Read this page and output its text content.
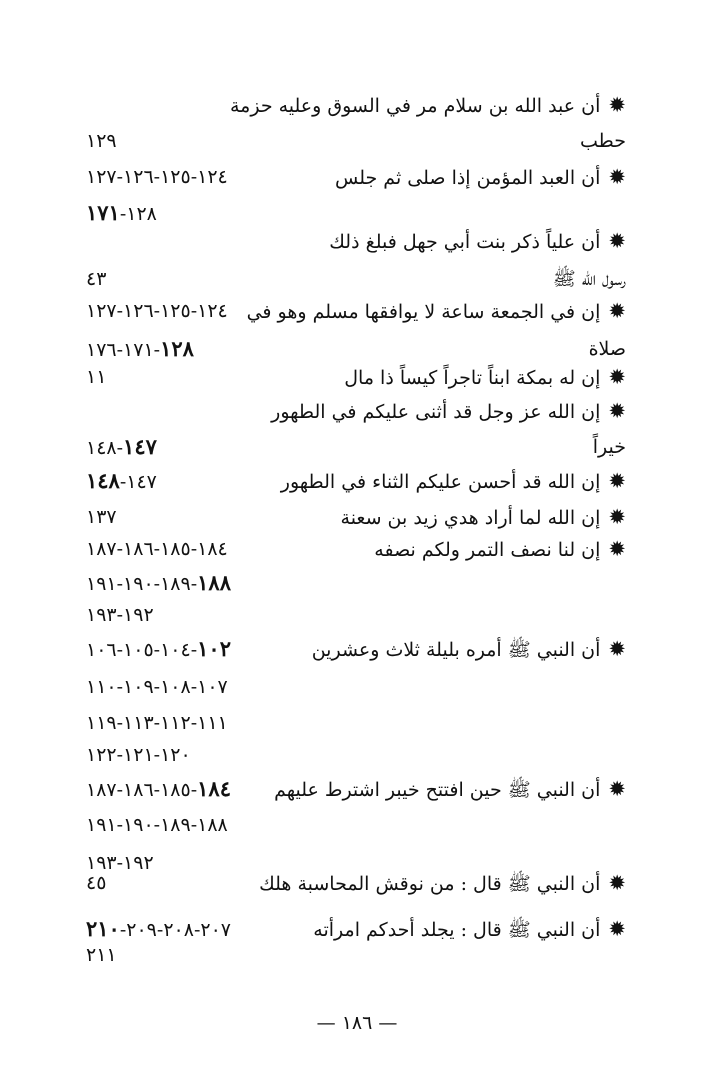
✹أن عبد الله بن سلام مر في السوق وعليه حزمة
حطب
١٢٩
✹أن العبد المؤمن إذا صلى ثم جلس
١٢٤-١٢٥-١٢٦-١٢٧
١٢٨-١٧١
✹أن علياً ذكر بنت أبي جهل فبلغ ذلك
رسول الله ﷺ
٤٣
✹إن في الجمعة ساعة لا يوافقها مسلم وهو في
١٢٤-١٢٥-١٢٦-١٢٧
صلاة
١٢٨-١٧١-١٧٦
✹إن له بمكة ابناً تاجراً كيساً ذا مال
١١
✹إن الله عز وجل قد أثنى عليكم في الطهور
خيراً
١٤٧-١٤٨
✹إن الله قد أحسن عليكم الثناء في الطهور
١٤٧-١٤٨
✹إن الله لما أراد هدي زيد بن سعنة
١٣٧
✹إن لنا نصف التمر ولكم نصفه
١٨٤-١٨٥-١٨٦-١٨٧
١٨٨-١٨٩-١٩٠-١٩١
١٩٢-١٩٣
✹أن النبي ﷺ أمره بليلة ثلاث وعشرين
١٠٢-١٠٤-١٠٥-١٠٦
١٠٧-١٠٨-١٠٩-١١٠
١١١-١١٢-١١٣-١١٩
١٢٠-١٢١-١٢٢
✹أن النبي ﷺ حين افتتح خيبر اشترط عليهم
١٨٤-١٨٥-١٨٦-١٨٧
١٨٨-١٨٩-١٩٠-١٩١
١٩٢-١٩٣
✹أن النبي ﷺ قال : من نوقش المحاسبة هلك
٤٥
✹أن النبي ﷺ قال : يجلد أحدكم امرأته
٢٠٧-٢٠٨-٢٠٩-٢١٠
٢١١
— ١٨٦ —
